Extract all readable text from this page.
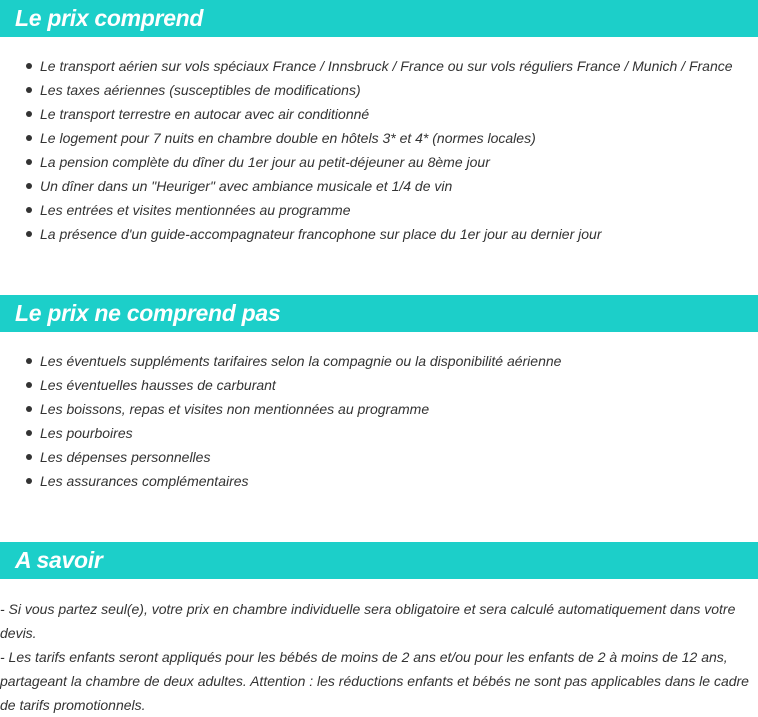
Le prix comprend
Le transport aérien sur vols spéciaux France / Innsbruck / France ou sur vols réguliers France / Munich / France
Les taxes aériennes (susceptibles de modifications)
Le transport terrestre en autocar avec air conditionné
Le logement pour 7 nuits en chambre double en hôtels 3* et 4* (normes locales)
La pension complète du dîner du 1er jour au petit-déjeuner au 8ème jour
Un dîner dans un "Heuriger" avec ambiance musicale et 1/4 de vin
Les entrées et visites mentionnées au programme
La présence d'un guide-accompagnateur francophone sur place du 1er jour au dernier jour
Le prix ne comprend pas
Les éventuels suppléments tarifaires selon la compagnie ou la disponibilité aérienne
Les éventuelles hausses de carburant
Les boissons, repas et visites non mentionnées au programme
Les pourboires
Les dépenses personnelles
Les assurances complémentaires
A savoir

- Si vous partez seul(e), votre prix en chambre individuelle sera obligatoire et sera calculé automatiquement dans votre devis.

- Les tarifs enfants seront appliqués pour les bébés de moins de 2 ans et/ou pour les enfants de 2 à moins de 12 ans, partageant la chambre de deux adultes. Attention : les réductions enfants et bébés ne sont pas applicables dans le cadre de tarifs promotionnels.
